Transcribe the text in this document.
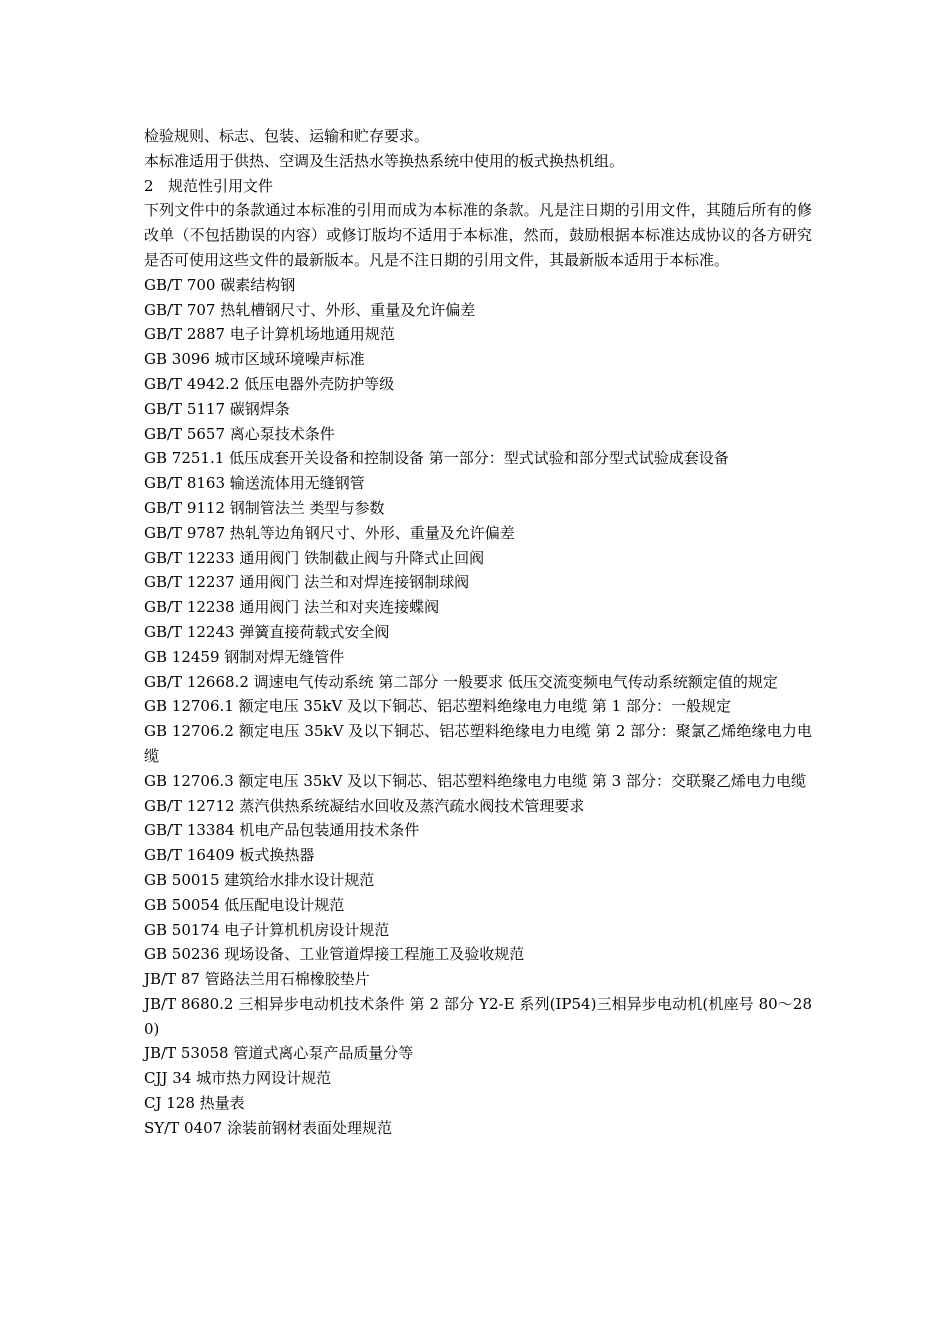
检验规则、标志、包装、运输和贮存要求。

本标准适用于供热、空调及生活热水等换热系统中使用的板式换热机组。

2 规范性引用文件

下列文件中的条款通过本标准的引用而成为本标准的条款。凡是注日期的引用文件，其随后所有的修改单（不包括勘误的内容）或修订版均不适用于本标准，然而，鼓励根据本标准达成协议的各方研究是否可使用这些文件的最新版本。凡是不注日期的引用文件，其最新版本适用于本标准。

GB/T 700 碳素结构钢

GB/T 707 热轧槽钢尺寸、外形、重量及允许偏差

GB/T 2887 电子计算机场地通用规范

GB 3096 城市区域环境噪声标准

GB/T 4942.2 低压电器外壳防护等级

GB/T 5117 碳钢焊条

GB/T 5657 离心泵技术条件

GB 7251.1 低压成套开关设备和控制设备 第一部分：型式试验和部分型式试验成套设备

GB/T 8163 输送流体用无缝钢管

GB/T 9112 钢制管法兰 类型与参数

GB/T 9787 热轧等边角钢尺寸、外形、重量及允许偏差

GB/T 12233 通用阀门 铁制截止阀与升降式止回阀

GB/T 12237 通用阀门 法兰和对焊连接钢制球阀

GB/T 12238 通用阀门 法兰和对夹连接蝶阀

GB/T 12243 弹簧直接荷载式安全阀

GB 12459 钢制对焊无缝管件

GB/T 12668.2 调速电气传动系统 第二部分 一般要求 低压交流变频电气传动系统额定值的规定

GB 12706.1 额定电压 35kV 及以下铜芯、铝芯塑料绝缘电力电缆 第 1 部分：一般规定

GB 12706.2 额定电压 35kV 及以下铜芯、铝芯塑料绝缘电力电缆 第 2 部分：聚氯乙烯绝缘电力电缆

GB 12706.3 额定电压 35kV 及以下铜芯、铝芯塑料绝缘电力电缆 第 3 部分：交联聚乙烯电力电缆

GB/T 12712 蒸汽供热系统凝结水回收及蒸汽疏水阀技术管理要求

GB/T 13384 机电产品包装通用技术条件

GB/T 16409 板式换热器

GB 50015 建筑给水排水设计规范

GB 50054 低压配电设计规范

GB 50174 电子计算机机房设计规范

GB 50236 现场设备、工业管道焊接工程施工及验收规范

JB/T 87 管路法兰用石棉橡胶垫片

JB/T 8680.2 三相异步电动机技术条件 第 2 部分 Y2-E 系列(IP54)三相异步电动机(机座号 80～280)

JB/T 53058 管道式离心泵产品质量分等

CJJ 34 城市热力网设计规范

CJ 128 热量表

SY/T 0407 涂装前钢材表面处理规范
